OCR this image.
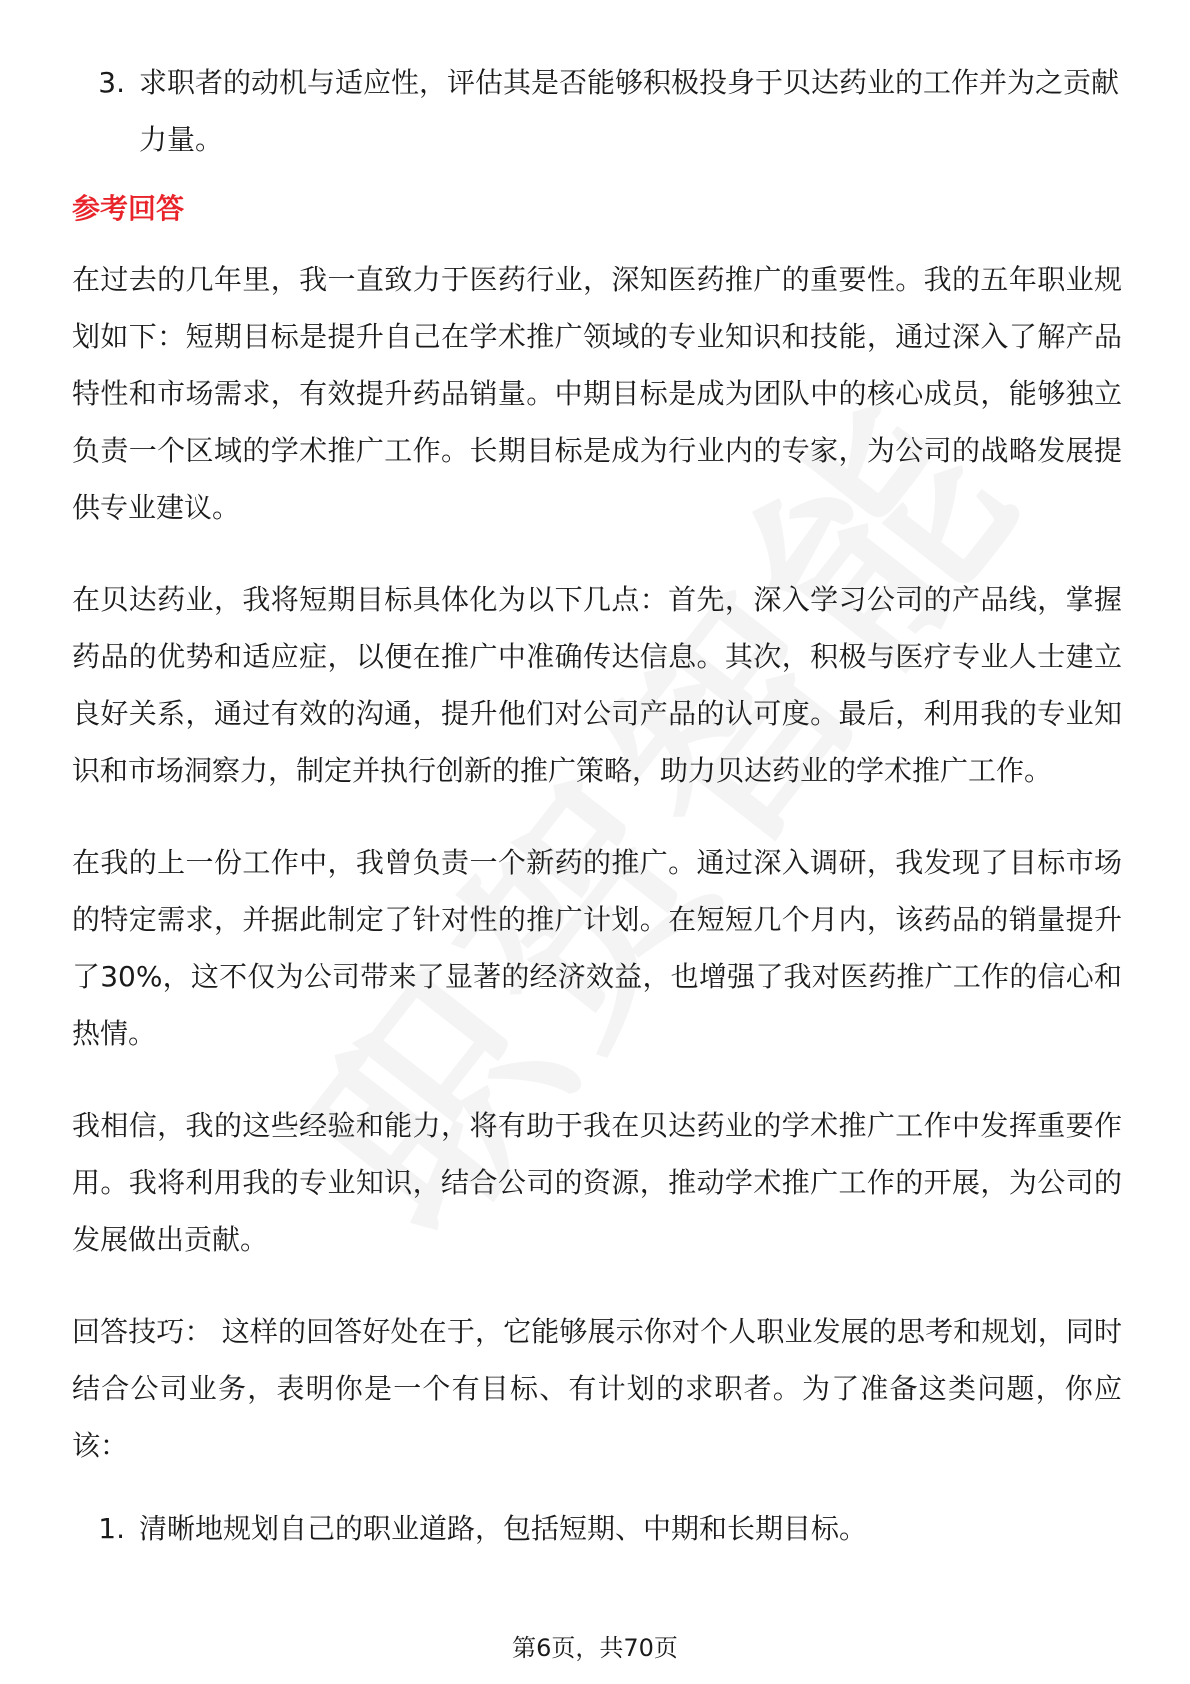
3. 求职者的动机与适应性，评估其是否能够积极投身于贝达药业的工作并为之贡献力量。
参考回答

在过去的几年里，我一直致力于医药行业，深知医药推广的重要性。我的五年职业规划如下：短期目标是提升自己在学术推广领域的专业知识和技能，通过深入了解产品特性和市场需求，有效提升药品销量。中期目标是成为团队中的核心成员，能够独立负责一个区域的学术推广工作。长期目标是成为行业内的专家，为公司的战略发展提供专业建议。

在贝达药业，我将短期目标具体化为以下几点：首先，深入学习公司的产品线，掌握药品的优势和适应症，以便在推广中准确传达信息。其次，积极与医疗专业人士建立良好关系，通过有效的沟通，提升他们对公司产品的认可度。最后，利用我的专业知识和市场洞察力，制定并执行创新的推广策略，助力贝达药业的学术推广工作。

在我的上一份工作中，我曾负责一个新药的推广。通过深入调研，我发现了目标市场的特定需求，并据此制定了针对性的推广计划。在短短几个月内，该药品的销量提升了30%，这不仅为公司带来了显著的经济效益，也增强了我对医药推广工作的信心和热情。

我相信，我的这些经验和能力，将有助于我在贝达药业的学术推广工作中发挥重要作用。我将利用我的专业知识，结合公司的资源，推动学术推广工作的开展，为公司的发展做出贡献。

回答技巧： 这样的回答好处在于，它能够展示你对个人职业发展的思考和规划，同时结合公司业务，表明你是一个有目标、有计划的求职者。为了准备这类问题，你应该：

1. 清晰地规划自己的职业道路，包括短期、中期和长期目标。
第6页，共70页
